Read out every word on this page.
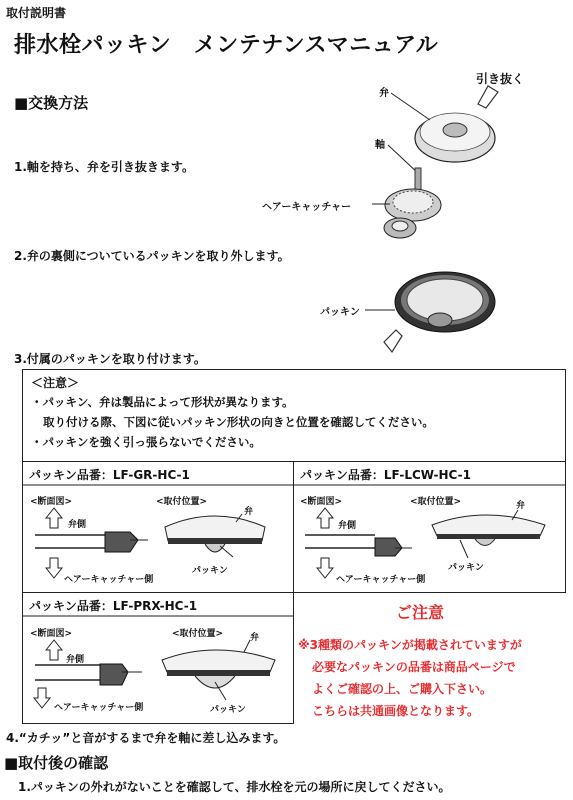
取付説明書
排水栓パッキン　メンテナンスマニュアル
■交換方法
1.軸を持ち、弁を引き抜きます。
2.弁の裏側についているパッキンを取り外します。
3.付属のパッキンを取り付けます。
引き抜く
弁
軸
ヘアーキャッチャー
パッキン
＜注意＞
・パッキン、弁は製品によって形状が異なります。
取り付ける際、下図に従いパッキン形状の向きと位置を確認してください。
・パッキンを強く引っ張らないでください。
パッキン品番：LF-GR-HC-1	パッキン品番：LF-LCW-HC-1
パッキン品番：LF-PRX-HC-1
<断面図>	<取付位置>
弁
弁側
ヘアーキャッチャー側
パッキン
<断面図>	<取付位置>	弁
弁側
ヘアーキャッチャー側
パッキン
<断面図>	<取付位置>	弁
弁側
ヘアーキャッチャー側	パッキン
ご注意
※3種類のパッキンが掲載されていますが
必要なパッキンの品番は商品ページで
よくご確認の上、ご購入下さい。
こちらは共通画像となります。
4.“カチッ”と音がするまで弁を軸に差し込みます。
■取付後の確認
1.パッキンの外れがないことを確認して、排水栓を元の場所に戻してください。
